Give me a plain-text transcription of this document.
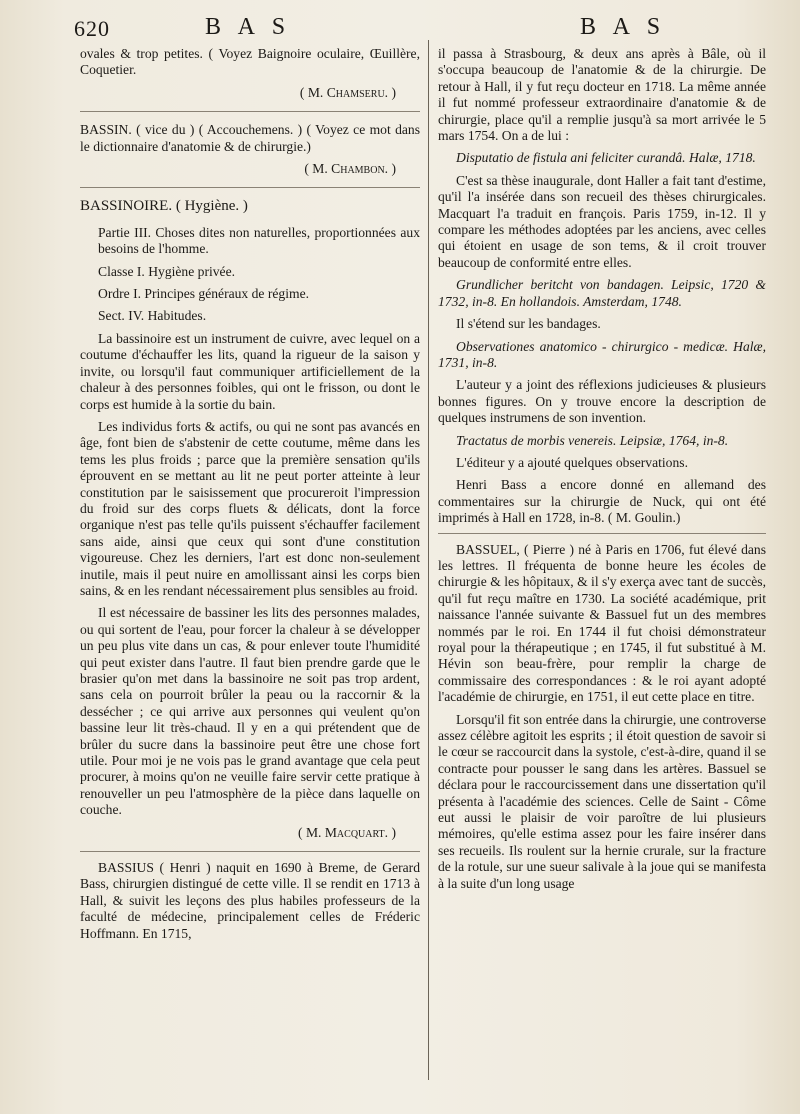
620	B A S	B A S

ovales & trop petites. ( Voyez Baignoire oculaire, Œuillère, Coquetier.

( M. Chamseru. )

BASSIN. ( vice du ) ( Accouchemens. ) ( Voyez ce mot dans le dictionnaire d'anatomie & de chirurgie.)

( M. Chambon. )

BASSINOIRE. ( Hygiène. )

Partie III. Choses dites non naturelles, proportionnées aux besoins de l'homme.

Classe I. Hygiène privée.

Ordre I. Principes généraux de régime.

Sect. IV. Habitudes.

La bassinoire est un instrument de cuivre, avec lequel on a coutume d'échauffer les lits, quand la rigueur de la saison y invite, ou lorsqu'il faut communiquer artificiellement de la chaleur à des personnes foibles, qui ont le frisson, ou dont le corps est humide à la sortie du bain.

Les individus forts & actifs, ou qui ne sont pas avancés en âge, font bien de s'abstenir de cette coutume, même dans les tems les plus froids ; parce que la première sensation qu'ils éprouvent en se mettant au lit ne peut porter atteinte à leur constitution par le saisissement que procureroit l'impression du froid sur des corps fluets & délicats, dont la force organique n'est pas telle qu'ils puissent s'échauffer facilement sans aide, ainsi que ceux qui sont d'une constitution vigoureuse. Chez les derniers, l'art est donc non-seulement inutile, mais il peut nuire en amollissant ainsi les corps bien sains, & en les rendant nécessairement plus sensibles au froid.

Il est nécessaire de bassiner les lits des personnes malades, ou qui sortent de l'eau, pour forcer la chaleur à se développer un peu plus vite dans un cas, & pour enlever toute l'humidité qui peut exister dans l'autre. Il faut bien prendre garde que le brasier qu'on met dans la bassinoire ne soit pas trop ardent, sans cela on pourroit brûler la peau ou la raccornir & la dessécher ; ce qui arrive aux personnes qui veulent qu'on bassine leur lit très-chaud. Il y en a qui prétendent que de brûler du sucre dans la bassinoire peut être une chose fort utile. Pour moi je ne vois pas le grand avantage que cela peut procurer, à moins qu'on ne veuille faire servir cette pratique à renouveller un peu l'atmosphère de la pièce dans laquelle on couche.

( M. Macquart. )

BASSIUS ( Henri ) naquit en 1690 à Breme, de Gerard Bass, chirurgien distingué de cette ville. Il se rendit en 1713 à Hall, & suivit les leçons des plus habiles professeurs de la faculté de médecine, principalement celles de Fréderic Hoffmann. En 1715,

il passa à Strasbourg, & deux ans après à Bâle, où il s'occupa beaucoup de l'anatomie & de la chirurgie. De retour à Hall, il y fut reçu docteur en 1718. La même année il fut nommé professeur extraordinaire d'anatomie & de chirurgie, place qu'il a remplie jusqu'à sa mort arrivée le 5 mars 1754. On a de lui :

Disputatio de fistula ani feliciter curandâ. Halæ, 1718.

C'est sa thèse inaugurale, dont Haller a fait tant d'estime, qu'il l'a insérée dans son recueil des thèses chirurgicales. Macquart l'a traduit en françois. Paris 1759, in-12. Il y compare les méthodes adoptées par les anciens, avec celles qui étoient en usage de son tems, & il croit trouver beaucoup de conformité entre elles.

Grundlicher beritcht von bandagen. Leipsic, 1720 & 1732, in-8. En hollandois. Amsterdam, 1748.

Il s'étend sur les bandages.

Observationes anatomico - chirurgico - medicæ. Halæ, 1731, in-8.

L'auteur y a joint des réflexions judicieuses & plusieurs bonnes figures. On y trouve encore la description de quelques instrumens de son invention.

Tractatus de morbis venereis. Leipsiæ, 1764, in-8.

L'éditeur y a ajouté quelques observations.

Henri Bass a encore donné en allemand des commentaires sur la chirurgie de Nuck, qui ont été imprimés à Hall en 1728, in-8. ( M. Goulin.)

BASSUEL, ( Pierre ) né à Paris en 1706, fut élevé dans les lettres. Il fréquenta de bonne heure les écoles de chirurgie & les hôpitaux, & il s'y exerça avec tant de succès, qu'il fut reçu maître en 1730. La société académique, prit naissance l'année suivante & Bassuel fut un des membres nommés par le roi. En 1744 il fut choisi démonstrateur royal pour la thérapeutique ; en 1745, il fut substitué à M. Hévin son beau-frère, pour remplir la charge de commissaire des correspondances : & le roi ayant adopté l'académie de chirurgie, en 1751, il eut cette place en titre.

Lorsqu'il fit son entrée dans la chirurgie, une controverse assez célèbre agitoit les esprits ; il étoit question de savoir si le cœur se raccourcit dans la systole, c'est-à-dire, quand il se contracte pour pousser le sang dans les artères. Bassuel se déclara pour le raccourcissement dans une dissertation qu'il présenta à l'académie des sciences. Celle de Saint - Côme eut aussi le plaisir de voir paroître de lui plusieurs mémoires, qu'elle estima assez pour les faire insérer dans ses recueils. Ils roulent sur la hernie crurale, sur la fracture de la rotule, sur une sueur salivale à la joue qui se manifesta à la suite d'un long usage
